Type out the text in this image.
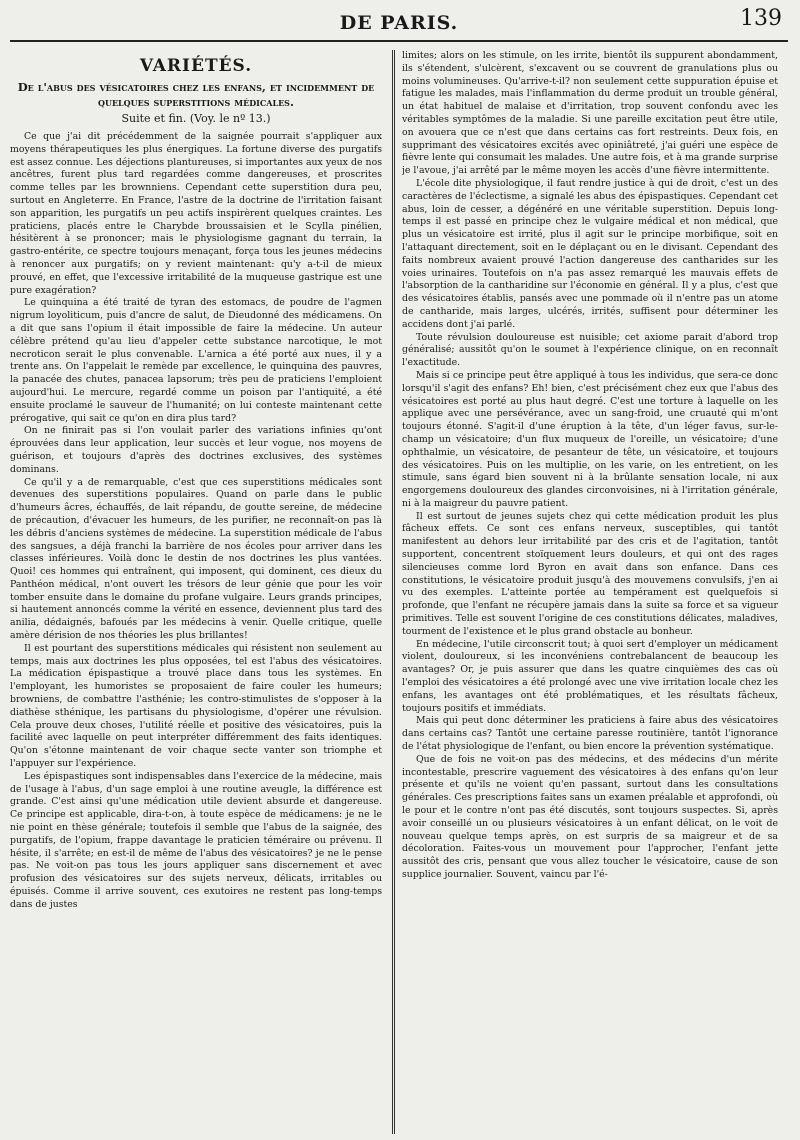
DE PARIS.	139
VARIÉTÉS.
De l'abus des vésicatoires chez les enfans, et incidemment de quelques superstitions médicales.
Suite et fin. (Voy. le nº 13.)

Ce que j'ai dit précédemment de la saignée pourrait s'appliquer aux moyens thérapeutiques les plus énergiques. La fortune diverse des purgatifs est assez connue. Les déjections plantureuses, si importantes aux yeux de nos ancêtres, furent plus tard regardées comme dangereuses, et proscrites comme telles par les brownniens. Cependant cette superstition dura peu, surtout en Angleterre. En France, l'astre de la doctrine de l'irritation faisant son apparition, les purgatifs un peu actifs inspirèrent quelques craintes. Les praticiens, placés entre le Charybde broussaisien et le Scylla pinélien, hésitèrent à se prononcer; mais le physiologisme gagnant du terrain, la gastro-entérite, ce spectre toujours menaçant, força tous les jeunes médecins à renoncer aux purgatifs; on y revient maintenant: qu'y a-t-il de mieux prouvé, en effet, que l'excessive irritabilité de la muqueuse gastrique est une pure exagération?

Le quinquina a été traité de tyran des estomacs, de poudre de l'agmen nigrum loyoliticum, puis d'ancre de salut, de Dieudonné des médicamens. On a dit que sans l'opium il était impossible de faire la médecine. Un auteur célèbre prétend qu'au lieu d'appeler cette substance narcotique, le mot necroticon serait le plus convenable. L'arnica a été porté aux nues, il y a trente ans. On l'appelait le remède par excellence, le quinquina des pauvres, la panacée des chutes, panacea lapsorum; très peu de praticiens l'emploient aujourd'hui. Le mercure, regardé comme un poison par l'antiquité, a été ensuite proclamé le sauveur de l'humanité; on lui conteste maintenant cette prérogative, qui sait ce qu'on en dira plus tard?

On ne finirait pas si l'on voulait parler des variations infinies qu'ont éprouvées dans leur application, leur succès et leur vogue, nos moyens de guérison, et toujours d'après des doctrines exclusives, des systèmes dominans.

Ce qu'il y a de remarquable, c'est que ces superstitions médicales sont devenues des superstitions populaires. Quand on parle dans le public d'humeurs âcres, échauffés, de lait répandu, de goutte sereine, de médecine de précaution, d'évacuer les humeurs, de les purifier, ne reconnaît-on pas là les débris d'anciens systèmes de médecine. La superstition médicale de l'abus des sangsues, a déjà franchi la barrière de nos écoles pour arriver dans les classes inférieures. Voilà donc le destin de nos doctrines les plus vantées. Quoi! ces hommes qui entraînent, qui imposent, qui dominent, ces dieux du Panthéon médical, n'ont ouvert les trésors de leur génie que pour les voir tomber ensuite dans le domaine du profane vulgaire. Leurs grands principes, si hautement annoncés comme la vérité en essence, deviennent plus tard des anilia, dédaignés, bafoués par les médecins à venir. Quelle critique, quelle amère dérision de nos théories les plus brillantes!

Il est pourtant des superstitions médicales qui résistent non seulement au temps, mais aux doctrines les plus opposées, tel est l'abus des vésicatoires. La médication épispastique a trouvé place dans tous les systèmes. En l'employant, les humoristes se proposaient de faire couler les humeurs; browniens, de combattre l'asthénie; les contro-stimulistes de s'opposer à la diathèse sthénique, les partisans du physiologisme, d'opérer une révulsion. Cela prouve deux choses, l'utilité réelle et positive des vésicatoires, puis la facilité avec laquelle on peut interpréter différemment des faits identiques. Qu'on s'étonne maintenant de voir chaque secte vanter son triomphe et l'appuyer sur l'expérience.

Les épispastiques sont indispensables dans l'exercice de la médecine, mais de l'usage à l'abus, d'un sage emploi à une routine aveugle, la différence est grande. C'est ainsi qu'une médication utile devient absurde et dangereuse. Ce principe est applicable, dira-t-on, à toute espèce de médicamens: je ne le nie point en thèse générale; toutefois il semble que l'abus de la saignée, des purgatifs, de l'opium, frappe davantage le praticien téméraire ou prévenu. Il hésite, il s'arrête; en est-il de même de l'abus des vésicatoires? je ne le pense pas. Ne voit-on pas tous les jours appliquer sans discernement et avec profusion des vésicatoires sur des sujets nerveux, délicats, irritables ou épuisés. Comme il arrive souvent, ces exutoires ne restent pas long-temps dans de justes

limites; alors on les stimule, on les irrite, bientôt ils suppurent abondamment, ils s'étendent, s'ulcèrent, s'excavent ou se couvrent de granulations plus ou moins volumineuses. Qu'arrive-t-il? non seulement cette suppuration épuise et fatigue les malades, mais l'inflammation du derme produit un trouble général, un état habituel de malaise et d'irritation, trop souvent confondu avec les véritables symptômes de la maladie. Si une pareille excitation peut être utile, on avouera que ce n'est que dans certains cas fort restreints. Deux fois, en supprimant des vésicatoires excités avec opiniâtreté, j'ai guéri une espèce de fièvre lente qui consumait les malades. Une autre fois, et à ma grande surprise je l'avoue, j'ai arrêté par le même moyen les accès d'une fièvre intermittente.

L'école dite physiologique, il faut rendre justice à qui de droit, c'est un des caractères de l'éclectisme, a signalé les abus des épispastiques. Cependant cet abus, loin de cesser, a dégénéré en une véritable superstition. Depuis long-temps il est passé en principe chez le vulgaire médical et non médical, que plus un vésicatoire est irrité, plus il agit sur le principe morbifique, soit en l'attaquant directement, soit en le déplaçant ou en le divisant. Cependant des faits nombreux avaient prouvé l'action dangereuse des cantharides sur les voies urinaires. Toutefois on n'a pas assez remarqué les mauvais effets de l'absorption de la cantharidine sur l'économie en général. Il y a plus, c'est que des vésicatoires établis, pansés avec une pommade où il n'entre pas un atome de cantharide, mais larges, ulcérés, irrités, suffisent pour déterminer les accidens dont j'ai parlé.

Toute révulsion douloureuse est nuisible; cet axiome parait d'abord trop généralisé; aussitôt qu'on le soumet à l'expérience clinique, on en reconnaît l'exactitude.

Mais si ce principe peut être appliqué à tous les individus, que sera-ce donc lorsqu'il s'agit des enfans? Eh! bien, c'est précisément chez eux que l'abus des vésicatoires est porté au plus haut degré. C'est une torture à laquelle on les applique avec une persévérance, avec un sang-froid, une cruauté qui m'ont toujours étonné. S'agit-il d'une éruption à la tête, d'un léger favus, sur-le-champ un vésicatoire; d'un flux muqueux de l'oreille, un vésicatoire; d'une ophthalmie, un vésicatoire, de pesanteur de tête, un vésicatoire, et toujours des vésicatoires. Puis on les multiplie, on les varie, on les entretient, on les stimule, sans égard bien souvent ni à la brûlante sensation locale, ni aux engorgemens douloureux des glandes circonvoisines, ni à l'irritation générale, ni à la maigreur du pauvre patient.

Il est surtout de jeunes sujets chez qui cette médication produit les plus fâcheux effets. Ce sont ces enfans nerveux, susceptibles, qui tantôt manifestent au dehors leur irritabilité par des cris et de l'agitation, tantôt supportent, concentrent stoïquement leurs douleurs, et qui ont des rages silencieuses comme lord Byron en avait dans son enfance. Dans ces constitutions, le vésicatoire produit jusqu'à des mouvemens convulsifs, j'en ai vu des exemples. L'atteinte portée au tempérament est quelquefois si profonde, que l'enfant ne récupère jamais dans la suite sa force et sa vigueur primitives. Telle est souvent l'origine de ces constitutions délicates, maladives, tourment de l'existence et le plus grand obstacle au bonheur.

En médecine, l'utile circonscrit tout; à quoi sert d'employer un médicament violent, douloureux, si les inconvéniens contrebalancent de beaucoup les avantages? Or, je puis assurer que dans les quatre cinquièmes des cas où l'emploi des vésicatoires a été prolongé avec une vive irritation locale chez les enfans, les avantages ont été problématiques, et les résultats fâcheux, toujours positifs et immédiats.

Mais qui peut donc déterminer les praticiens à faire abus des vésicatoires dans certains cas? Tantôt une certaine paresse routinière, tantôt l'ignorance de l'état physiologique de l'enfant, ou bien encore la prévention systématique.

Que de fois ne voit-on pas des médecins, et des médecins d'un mérite incontestable, prescrire vaguement des vésicatoires à des enfans qu'on leur présente et qu'ils ne voient qu'en passant, surtout dans les consultations générales. Ces prescriptions faites sans un examen préalable et approfondi, où le pour et le contre n'ont pas été discutés, sont toujours suspectes. Si, après avoir conseillé un ou plusieurs vésicatoires à un enfant délicat, on le voit de nouveau quelque temps après, on est surpris de sa maigreur et de sa décoloration. Faites-vous un mouvement pour l'approcher, l'enfant jette aussitôt des cris, pensant que vous allez toucher le vésicatoire, cause de son supplice journalier. Souvent, vaincu par l'é-
